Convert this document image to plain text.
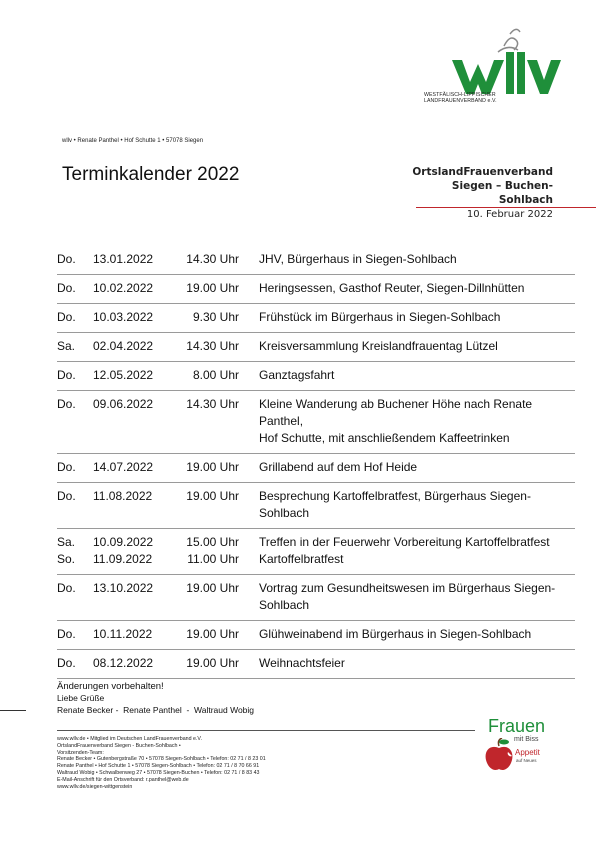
WESTFÄLISCH-LIPPISCHER
LANDFRAUENVERBAND e.V.
wllv • Renate Panthel • Hof Schutte 1 • 57078 Siegen
Terminkalender 2022	OrtslandFrauenverband
Siegen – Buchen-Sohlbach
10. Februar 2022
Do.	13.01.2022	14.30 Uhr	JHV, Bürgerhaus in Siegen-Sohlbach
Do.	10.02.2022	19.00 Uhr	Heringsessen, Gasthof Reuter, Siegen-Dillnhütten
Do.	10.03.2022	9.30 Uhr	Frühstück im Bürgerhaus in Siegen-Sohlbach
Sa.	02.04.2022	14.30 Uhr	Kreisversammlung Kreislandfrauentag Lützel
Do.	12.05.2022	8.00 Uhr	Ganztagsfahrt
Do.	09.06.2022	14.30 Uhr	Kleine Wanderung ab Buchener Höhe nach Renate Panthel,
Hof Schutte, mit anschließendem Kaffeetrinken
Do.	14.07.2022	19.00 Uhr	Grillabend auf dem Hof Heide
Do.	11.08.2022	19.00 Uhr	Besprechung Kartoffelbratfest, Bürgerhaus Siegen-Sohlbach
Sa.	10.09.2022	15.00 Uhr	Treffen in der Feuerwehr Vorbereitung Kartoffelbratfest
So.	11.09.2022	11.00 Uhr	Kartoffelbratfest
Do.	13.10.2022	19.00 Uhr	Vortrag zum Gesundheitswesen im Bürgerhaus Siegen-Sohlbach
Do.	10.11.2022	19.00 Uhr	Glühweinabend im Bürgerhaus in Siegen-Sohlbach
Do.	08.12.2022	19.00 Uhr	Weihnachtsfeier
Änderungen vorbehalten!
Liebe Grüße
Renate Becker -  Renate Panthel  -  Waltraud Wobig
www.wllv.de • Mitglied im Deutschen LandFrauenverband e.V.
OrtslandFrauenverband Siegen - Buchen-Sohlbach •
Vorsitzenden-Team:
Renate Becker • Gutenbergstraße 70 • 57078 Siegen-Sohlbach • Telefon: 02 71 / 8 23 01
Renate Panthel • Hof Schutte 1 • 57078 Siegen-Sohlbach • Telefon: 02 71 / 8 70 66 91
Waltraud Wobig • Schwalbenweg 27 • 57078 Siegen-Buchen • Telefon: 02 71 / 8 83 43
E-Mail-Anschrift für den Ortsverband: r.panthel@web.de
www.wllv.de/siegen-wittgenstein
Frauen
mit Biss
Appetit
auf Neues
